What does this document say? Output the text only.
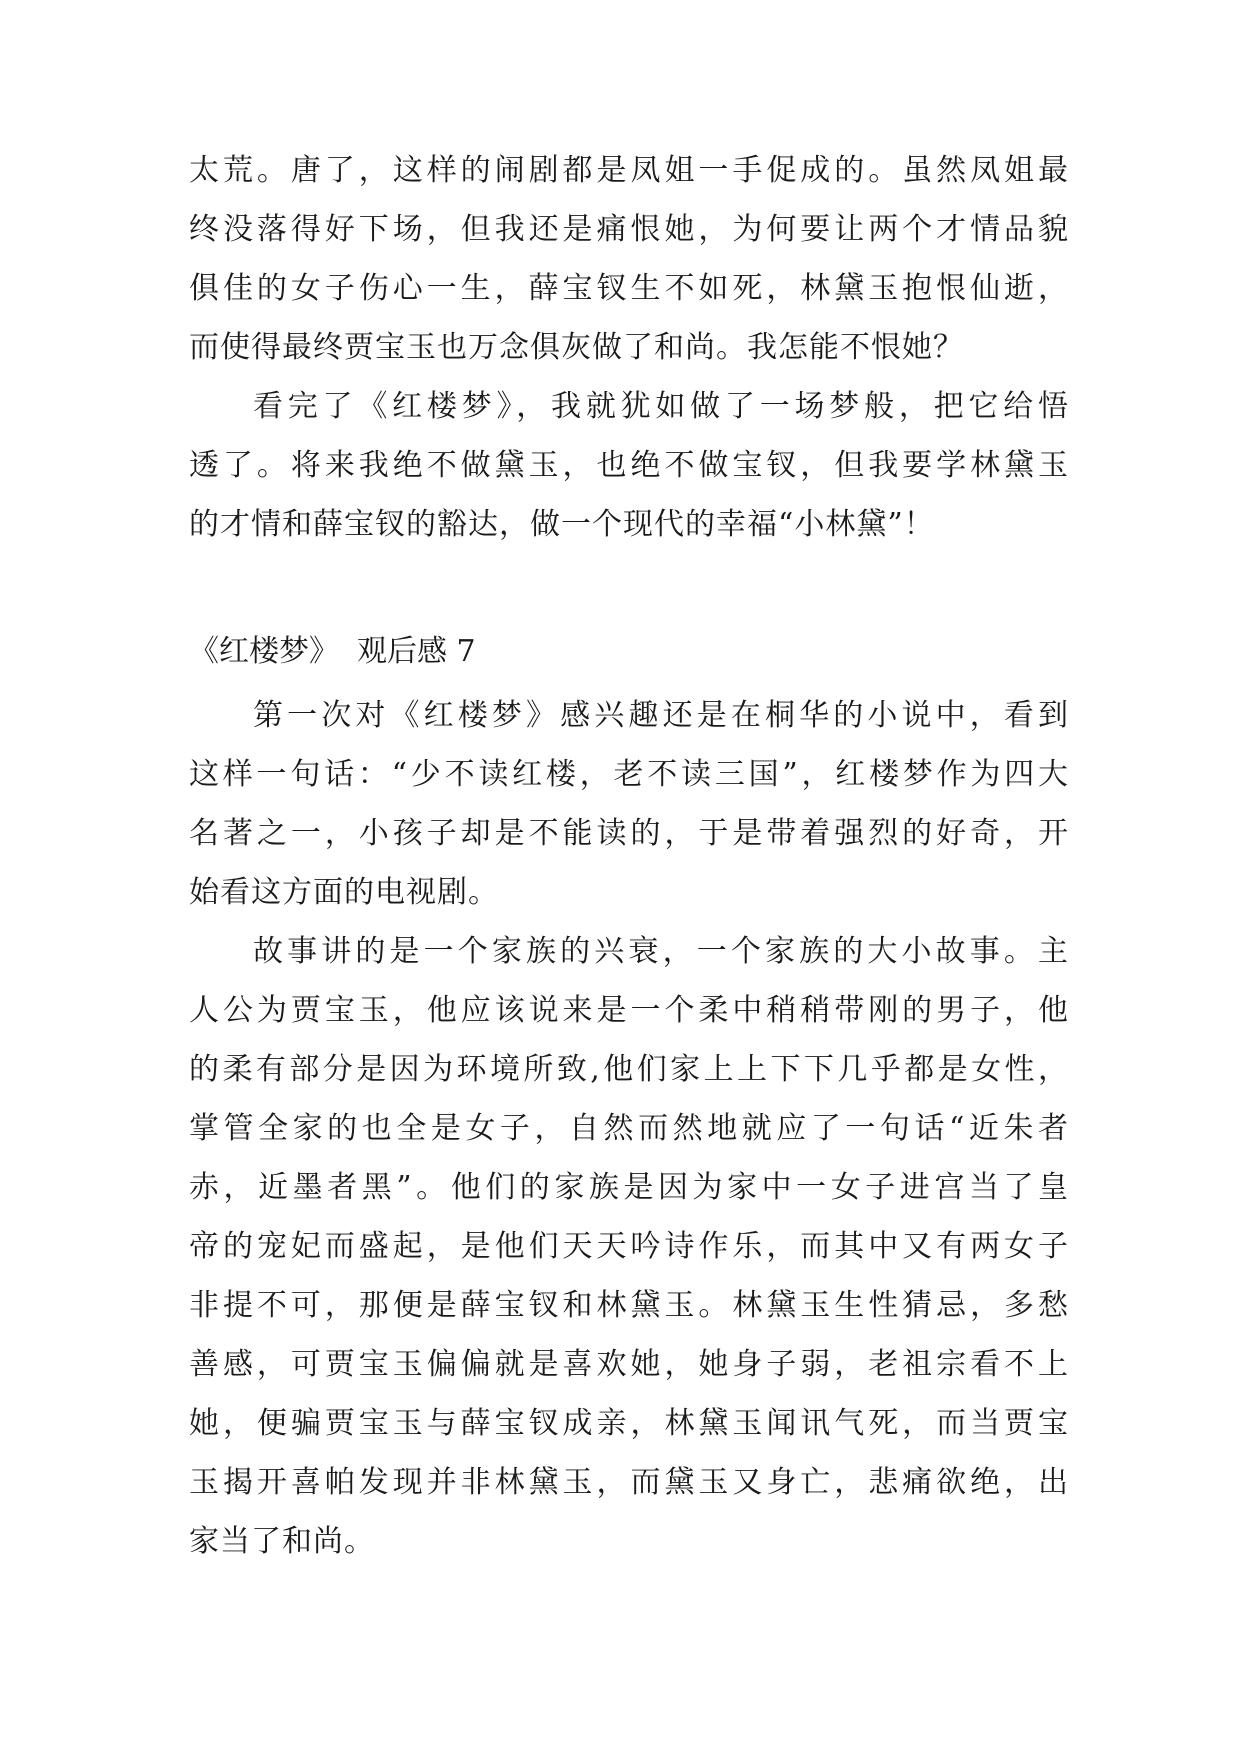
太荒。唐了，这样的闹剧都是凤姐一手促成的。虽然凤姐最
终没落得好下场，但我还是痛恨她，为何要让两个才情品貌
俱佳的女子伤心一生，薛宝钗生不如死，林黛玉抱恨仙逝，
而使得最终贾宝玉也万念俱灰做了和尚。我怎能不恨她？
看完了《红楼梦》，我就犹如做了一场梦般，把它给悟
透了。将来我绝不做黛玉，也绝不做宝钗，但我要学林黛玉
的才情和薛宝钗的豁达，做一个现代的幸福“小林黛”！
《红楼梦》 观后感 7
第一次对《红楼梦》感兴趣还是在桐华的小说中，看到
这样一句话：“少不读红楼，老不读三国”，红楼梦作为四大
名著之一，小孩子却是不能读的，于是带着强烈的好奇，开
始看这方面的电视剧。
故事讲的是一个家族的兴衰，一个家族的大小故事。主
人公为贾宝玉，他应该说来是一个柔中稍稍带刚的男子，他
的柔有部分是因为环境所致,他们家上上下下几乎都是女性，
掌管全家的也全是女子，自然而然地就应了一句话“近朱者
赤，近墨者黑”。他们的家族是因为家中一女子进宫当了皇
帝的宠妃而盛起，是他们天天吟诗作乐，而其中又有两女子
非提不可，那便是薛宝钗和林黛玉。林黛玉生性猜忌，多愁
善感，可贾宝玉偏偏就是喜欢她，她身子弱，老祖宗看不上
她，便骗贾宝玉与薛宝钗成亲，林黛玉闻讯气死，而当贾宝
玉揭开喜帕发现并非林黛玉，而黛玉又身亡，悲痛欲绝，出
家当了和尚。
